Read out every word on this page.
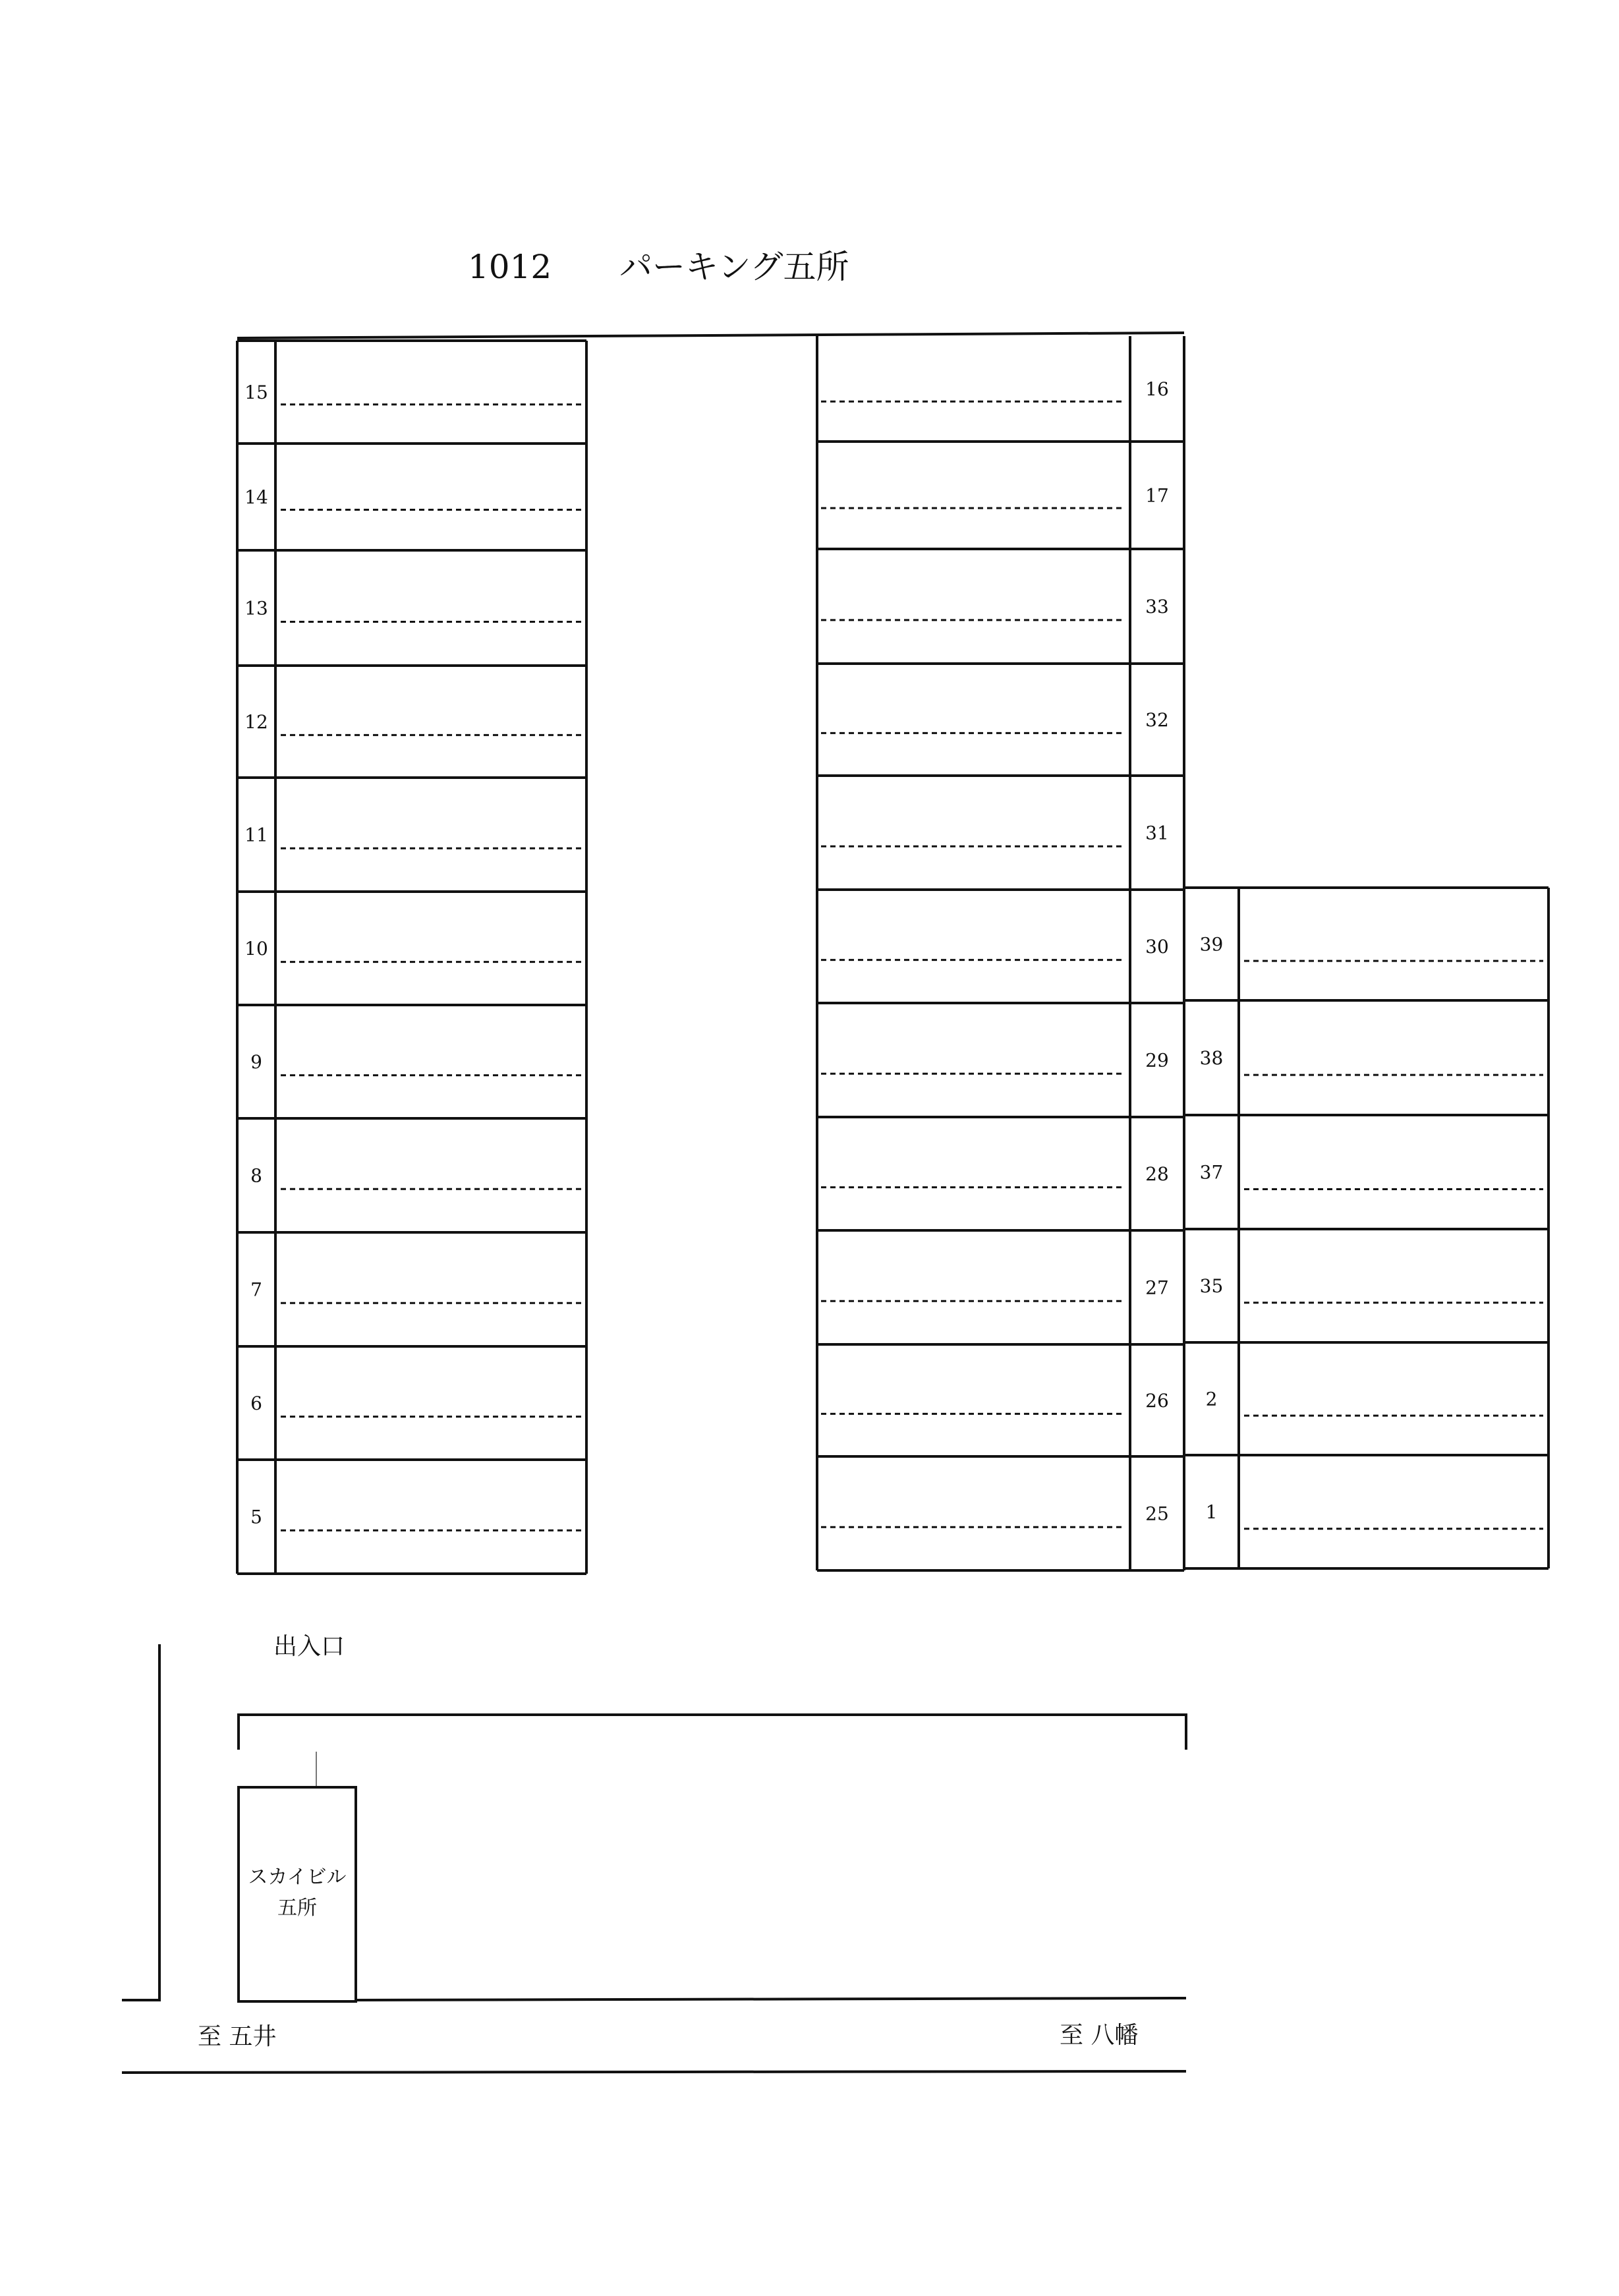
1012 パーキング五所
15
14
13
12
11
10
9
8
7
6
5
16
17
33
32
31
30
29
28
27
26
25
39
38
37
35
2
1
出入口
スカイビル
五所
至 五井	至 八幡
